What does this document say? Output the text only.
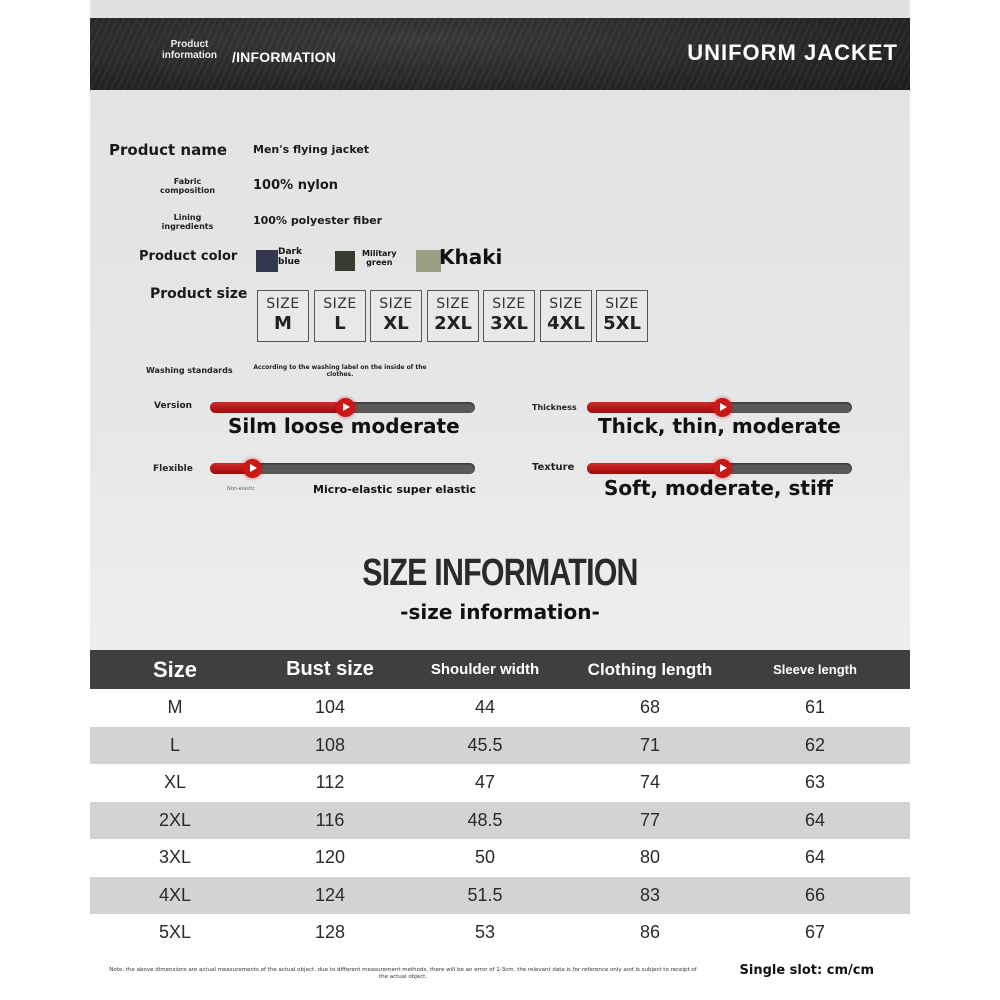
Product
information /INFORMATION	UNIFORM JACKET
Product name Men's flying jacket
Fabric
composition	100% nylon
Lining
ingredients	100% polyester fiber
Product color	Dark
blue
Military
green Khaki
Product size
SIZE
M
SIZE
L
SIZE
XL
SIZE
2XL
SIZE
3XL
SIZE
4XL
SIZE
5XL
Washing standards	According to the washing label on the inside of the clothes.
Version
Silm loose moderate
Thickness
Thick, thin, moderate
Flexible
Non-elastic	Micro-elastic super elastic
Texture
Soft, moderate, stiff
SIZE INFORMATION
-size information-
Size	Bust size	Shoulder width	Clothing length	Sleeve length
M	104	44	68	61
L	108	45.5	71	62
XL	112	47	74	63
2XL	116	48.5	77	64
3XL	120	50	80	64
4XL	124	51.5	83	66
5XL	128	53	86	67
Note: the above dimensions are actual measurements of the actual object. due to different measurement methods, there will be an error of 1-3cm. the relevant data is for reference only and is subject to receipt of the actual object.	Single slot: cm/cm
